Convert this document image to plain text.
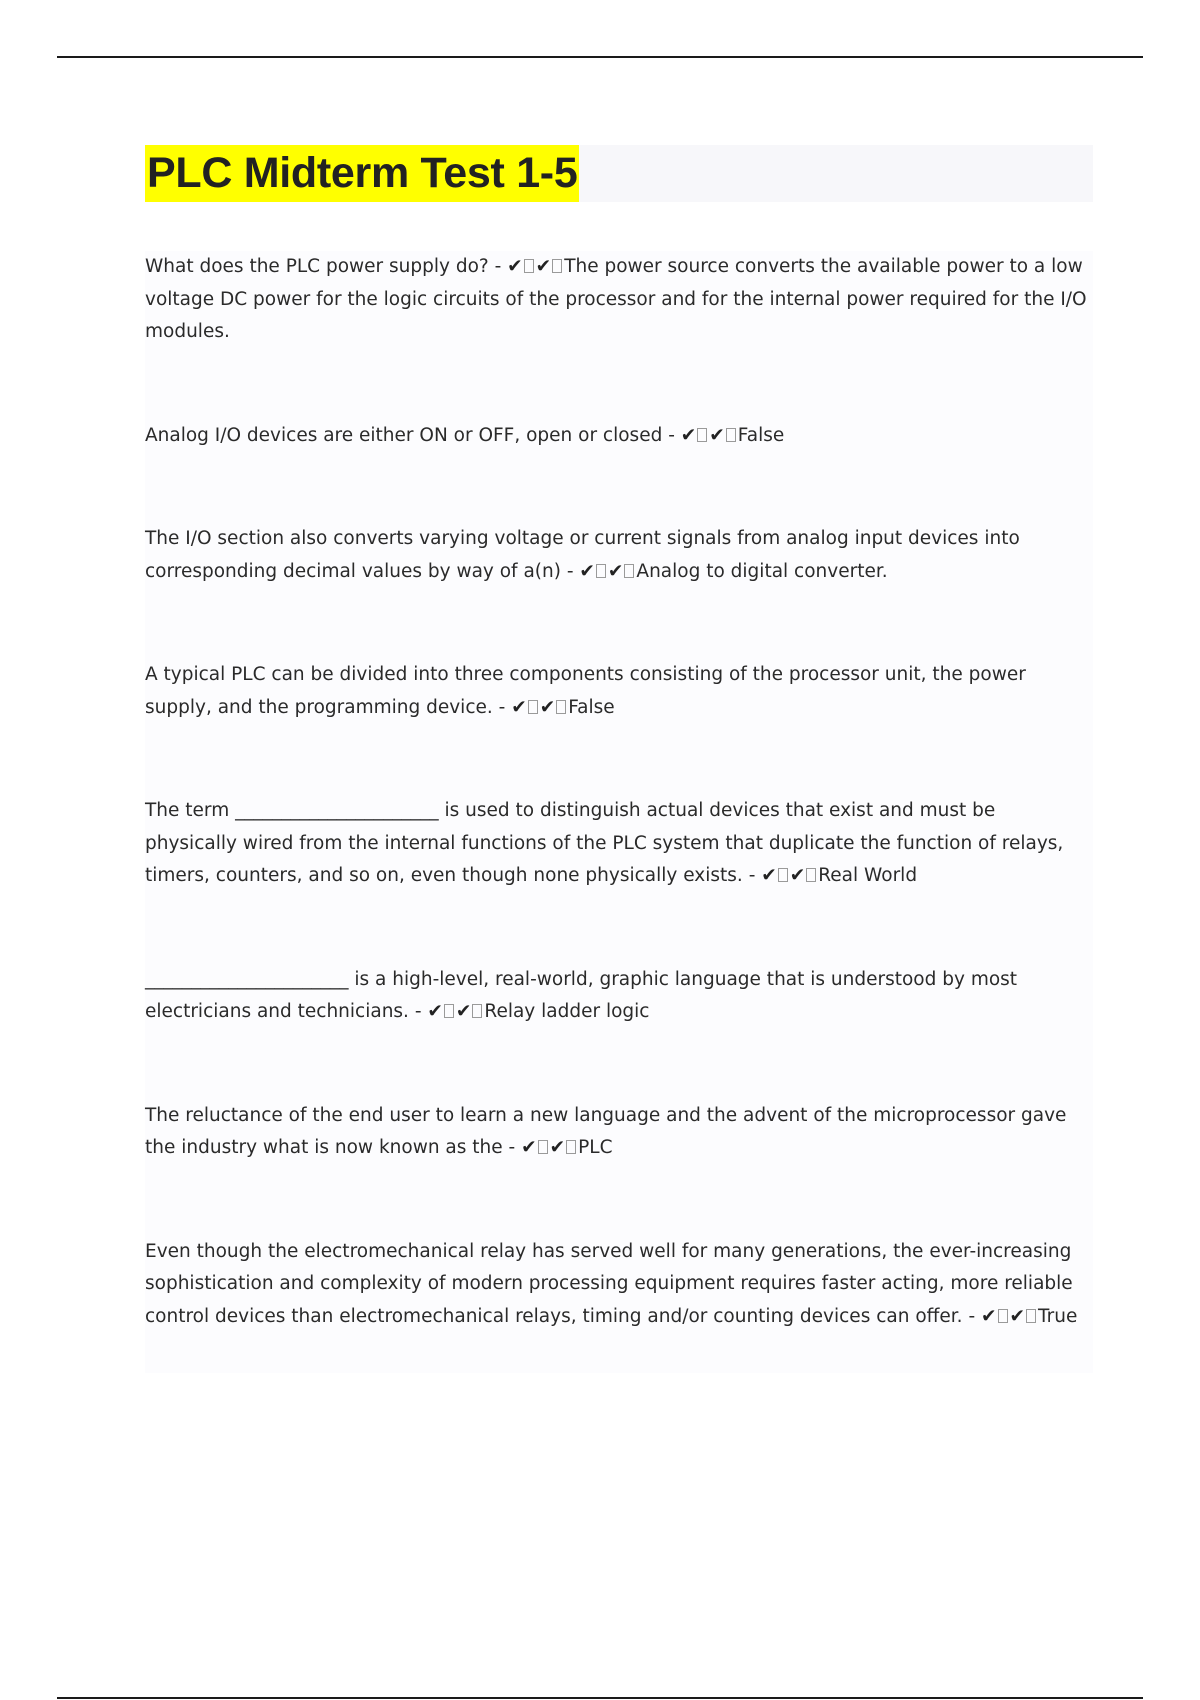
PLC Midterm Test 1-5

What does the PLC power supply do? - ✔ ✔ The power source converts the available power to a low voltage DC power for the logic circuits of the processor and for the internal power required for the I/O modules.

Analog I/O devices are either ON or OFF, open or closed - ✔ ✔ False

The I/O section also converts varying voltage or current signals from analog input devices into corresponding decimal values by way of a(n) - ✔ ✔ Analog to digital converter.

A typical PLC can be divided into three components consisting of the processor unit, the power supply, and the programming device. - ✔ ✔ False

The term ______________________ is used to distinguish actual devices that exist and must be physically wired from the internal functions of the PLC system that duplicate the function of relays, timers, counters, and so on, even though none physically exists. - ✔ ✔ Real World

______________________ is a high-level, real-world, graphic language that is understood by most electricians and technicians. - ✔ ✔ Relay ladder logic

The reluctance of the end user to learn a new language and the advent of the microprocessor gave the industry what is now known as the - ✔ ✔ PLC

Even though the electromechanical relay has served well for many generations, the ever-increasing sophistication and complexity of modern processing equipment requires faster acting, more reliable control devices than electromechanical relays, timing and/or counting devices can offer. - ✔ ✔ True
